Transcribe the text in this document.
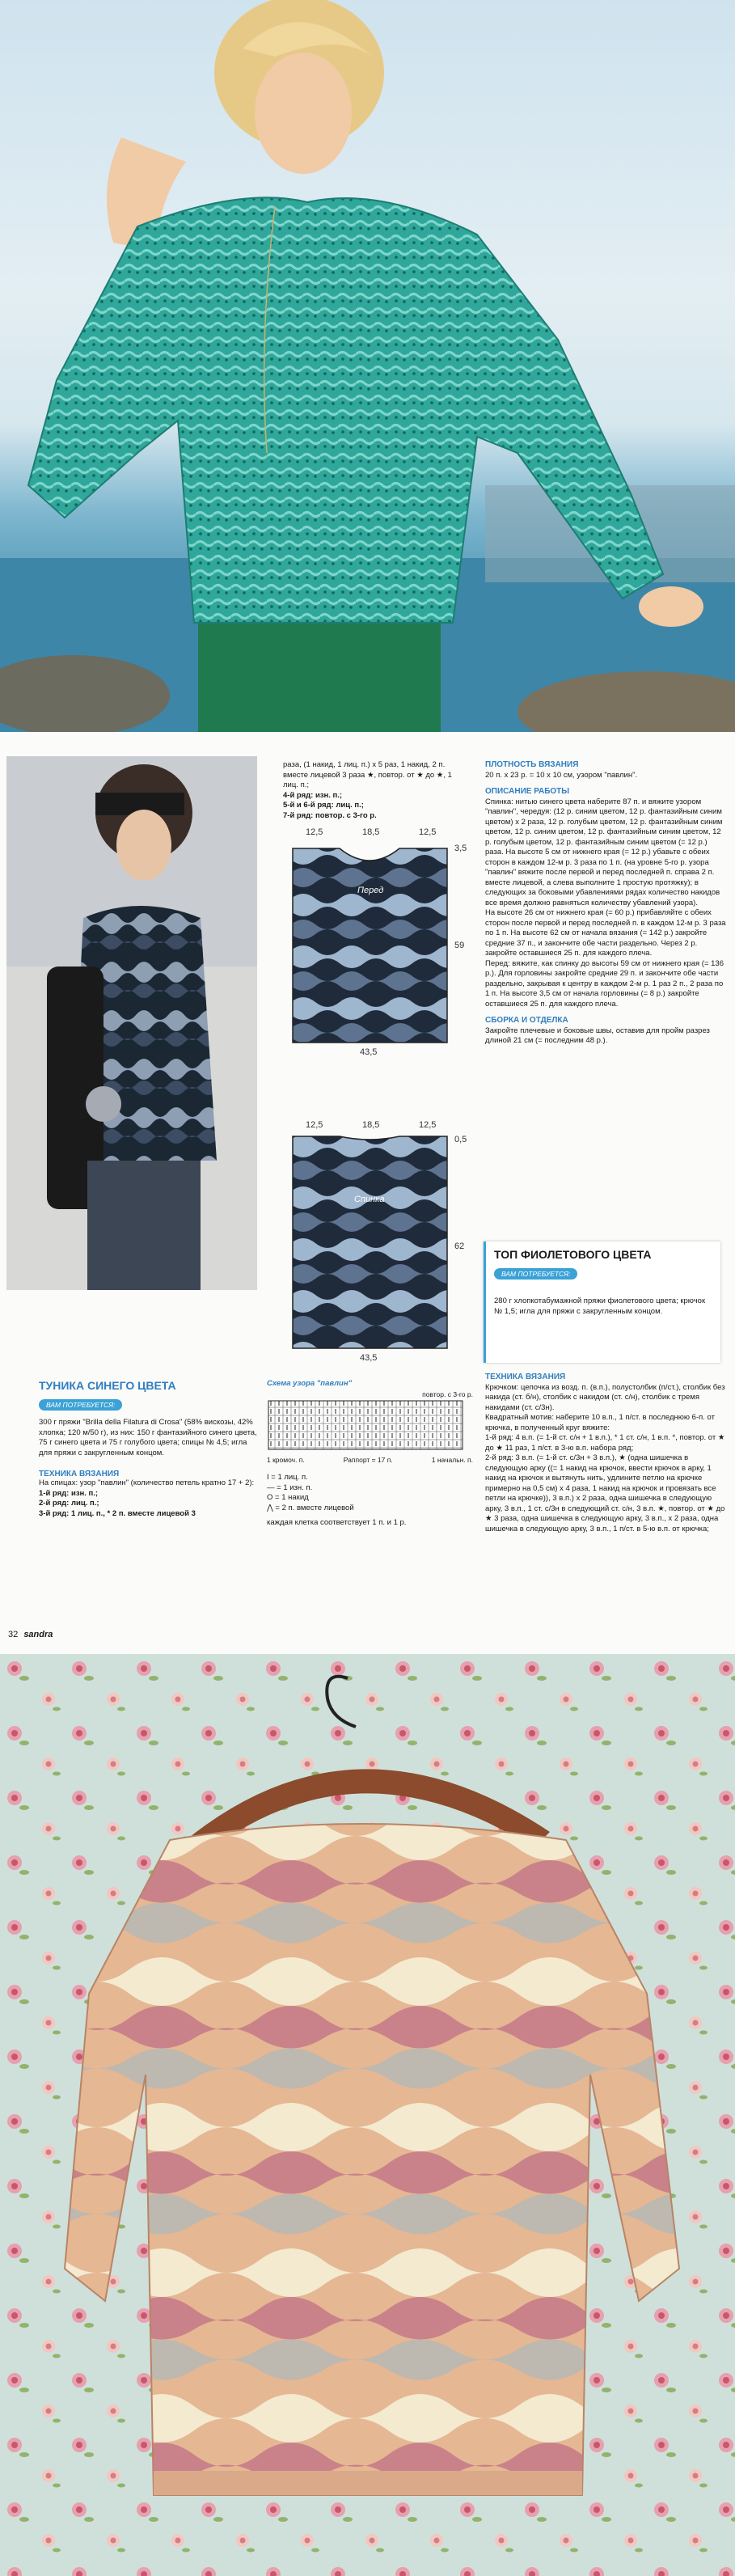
раза, (1 накид, 1 лиц. п.) х 5 раз, 1 накид, 2 п. вместе лицевой 3 раза ★, повтор. от ★ до ★, 1 лиц. п.;
4-й ряд: изн. п.;
5-й и 6-й ряд: лиц. п.;
7-й ряд: повтор. с 3-го р.
12,5	18,5	12,5
3,5
59
Перед
43,5
12,5	18,5	12,5
0,5
62
Спинка
43,5
ПЛОТНОСТЬ ВЯЗАНИЯ
20 п. х 23 р. = 10 х 10 см, узором "павлин".
ОПИСАНИЕ РАБОТЫ
Спинка: нитью синего цвета наберите 87 п. и вяжите узором "павлин", чередуя: (12 р. синим цветом, 12 р. фантазийным синим цветом) х 2 раза, 12 р. голубым цветом, 12 р. фантазийным синим цветом, 12 р. синим цветом, 12 р. фантазийным синим цветом, 12 р. голубым цветом, 12 р. фантазийным синим цветом (= 12 р.) раза. На высоте 5 см от нижнего края (= 12 р.) убавьте с обеих сторон в каждом 12-м р. 3 раза по 1 п. (на уровне 5-го р. узора "павлин" вяжите после первой и перед последней п. справа 2 п. вместе лицевой, а слева выполните 1 простую протяжку); в следующих за боковыми убавлениями рядах количество накидов все время должно равняться количеству убавлений узора).
На высоте 26 см от нижнего края (= 60 р.) прибавляйте с обеих сторон после первой и перед последней п. в каждом 12-м р. 3 раза по 1 п. На высоте 62 см от начала вязания (= 142 р.) закройте средние 37 п., и закончите обе части раздельно. Через 2 р. закройте оставшиеся 25 п. для каждого плеча.
Перед: вяжите, как спинку до высоты 59 см от нижнего края (= 136 р.). Для горловины закройте средние 29 п. и закончите обе части раздельно, закрывая к центру в каждом 2-м р. 1 раз 2 п., 2 раза по 1 п. На высоте 3,5 см от начала горловины (= 8 р.) закройте оставшиеся 25 п. для каждого плеча.
СБОРКА И ОТДЕЛКА
Закройте плечевые и боковые швы, оставив для пройм разрез длиной 21 см (= последним 48 р.).
ТОП ФИОЛЕТОВОГО ЦВЕТА
ВАМ ПОТРЕБУЕТСЯ:
280 г хлопкотабумажной пряжи фиолетового цвета; крючок № 1,5; игла для пряжи с закругленным концом.
ТЕХНИКА ВЯЗАНИЯ
Крючком: цепочка из возд. п. (в.п.), полустолбик (п/ст.), столбик без накида (ст. б/н), столбик с накидом (ст. с/н), столбик с тремя накидами (ст. с/3н).
Квадратный мотив: наберите 10 в.п., 1 п/ст. в последнюю 6-п. от крючка, в полученный круг вяжите:
1-й ряд: 4 в.п. (= 1-й ст. с/н + 1 в.п.), * 1 ст. с/н, 1 в.п. *, повтор. от ★ до ★ 11 раз, 1 п/ст. в 3-ю в.п. набора ряд;
2-й ряд: 3 в.п. (= 1-й ст. с/3н + 3 в.п.), ★ (одна шишечка в следующую арку ((= 1 накид на крючок, ввести крючок в арку, 1 накид на крючок и вытянуть нить, удлините петлю на крючке примерно на 0,5 см) х 4 раза, 1 накид на крючок и провязать все петли на крючке)), 3 в.п.) х 2 раза, одна шишечка в следующую арку, 3 в.п., 1 ст. с/3н в следующий ст. с/н, 3 в.п. ★, повтор. от ★ до ★ 3 раза, одна шишечка в следующую арку, 3 в.п., х 2 раза, одна шишечка в следующую арку, 3 в.п., 1 п/ст. в 5-ю в.п. от крючка;
ТУНИКА СИНЕГО ЦВЕТА
ВАМ ПОТРЕБУЕТСЯ:
300 г пряжи "Brilla della Filatura di Crosa" (58% вискозы, 42% хлопка; 120 м/50 г), из них: 150 г фантазийного синего цвета, 75 г синего цвета и 75 г голубого цвета; спицы № 4,5; игла для пряжи с закругленным концом.
ТЕХНИКА ВЯЗАНИЯ
На спицах: узор "павлин" (количество петель кратно 17 + 2):
1-й ряд: изн. п.;
2-й ряд: лиц. п.;
3-й ряд: 1 лиц. п., * 2 п. вместе лицевой 3
Схема узора "павлин"
повтор. с 3-го р.
1 кромоч. п.	Раппорт = 17 п.	1 начальн. п.
I = 1 лиц. п.
— = 1 изн. п.
O = 1 накид
⋀ = 2 п. вместе лицевой
каждая клетка соответствует 1 п. и 1 р.
32 sandra
